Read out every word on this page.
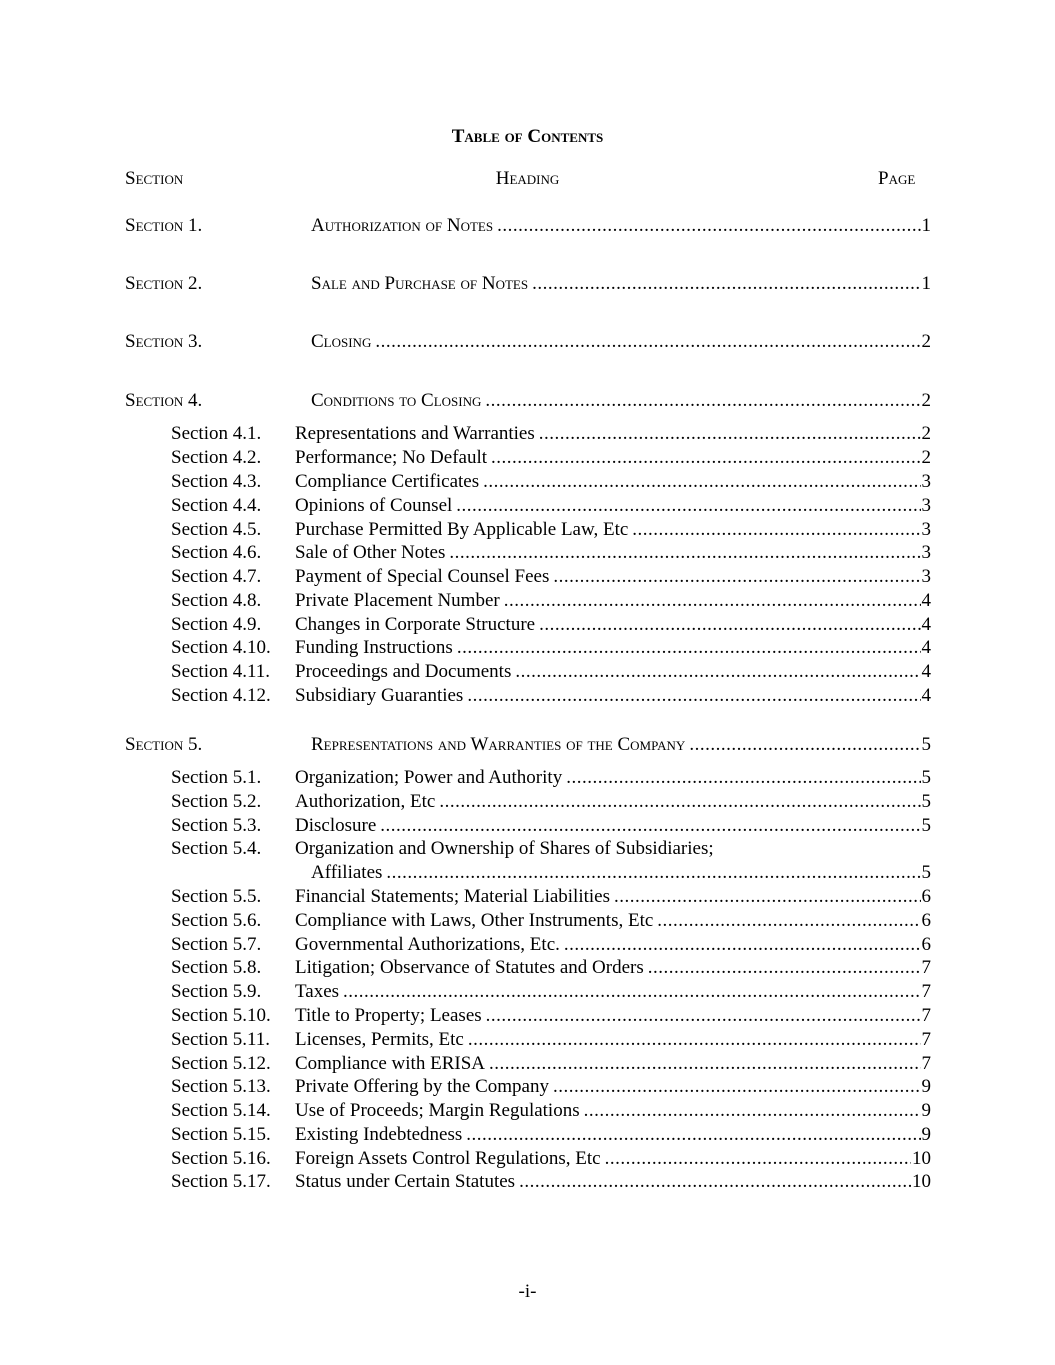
Table of Contents
Section	Heading	Page
Section 1.	Authorization of Notes .....	1
Section 2.	Sale and Purchase of Notes .....	1
Section 3.	Closing .....	2
Section 4.	Conditions to Closing .....	2
Section 4.1. Representations and Warranties .....	2
Section 4.2. Performance; No Default .....	2
Section 4.3. Compliance Certificates .....	3
Section 4.4. Opinions of Counsel .....	3
Section 4.5. Purchase Permitted By Applicable Law, Etc .....	3
Section 4.6. Sale of Other Notes .....	3
Section 4.7. Payment of Special Counsel Fees .....	3
Section 4.8. Private Placement Number .....	4
Section 4.9. Changes in Corporate Structure .....	4
Section 4.10. Funding Instructions .....	4
Section 4.11. Proceedings and Documents .....	4
Section 4.12. Subsidiary Guaranties .....	4
Section 5.	Representations and Warranties of the Company .....	5
Section 5.1. Organization; Power and Authority .....	5
Section 5.2. Authorization, Etc .....	5
Section 5.3. Disclosure .....	5
Section 5.4. Organization and Ownership of Shares of Subsidiaries;
Affiliates .....	5
Section 5.5. Financial Statements; Material Liabilities .....	6
Section 5.6. Compliance with Laws, Other Instruments, Etc .....	6
Section 5.7. Governmental Authorizations, Etc. .....	6
Section 5.8. Litigation; Observance of Statutes and Orders .....	7
Section 5.9. Taxes .....	7
Section 5.10. Title to Property; Leases .....	7
Section 5.11. Licenses, Permits, Etc .....	7
Section 5.12. Compliance with ERISA .....	7
Section 5.13. Private Offering by the Company .....	9
Section 5.14. Use of Proceeds; Margin Regulations .....	9
Section 5.15. Existing Indebtedness .....	9
Section 5.16. Foreign Assets Control Regulations, Etc .....	10
Section 5.17. Status under Certain Statutes .....	10
-i-
